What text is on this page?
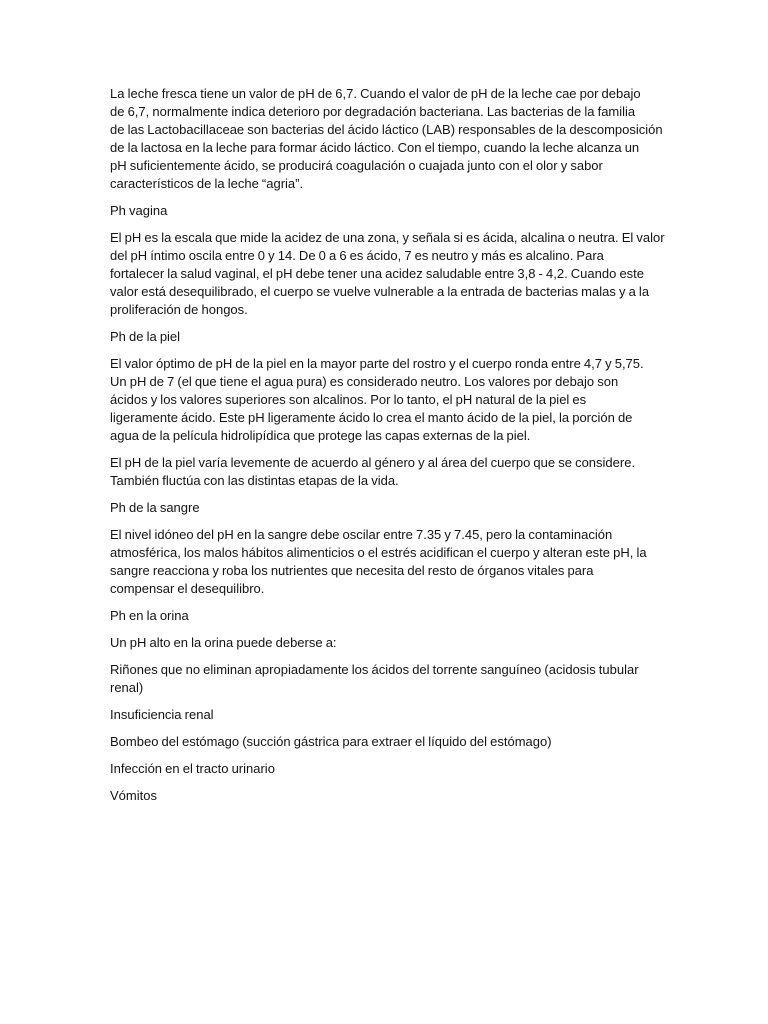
La leche fresca tiene un valor de pH de 6,7. Cuando el valor de pH de la leche cae por debajo
de 6,7, normalmente indica deterioro por degradación bacteriana. Las bacterias de la familia
de las Lactobacillaceae son bacterias del ácido láctico (LAB) responsables de la descomposición
de la lactosa en la leche para formar ácido láctico. Con el tiempo, cuando la leche alcanza un
pH suficientemente ácido, se producirá coagulación o cuajada junto con el olor y sabor
característicos de la leche “agria”.

Ph vagina

El pH es la escala que mide la acidez de una zona, y señala si es ácida, alcalina o neutra. El valor
del pH íntimo oscila entre 0 y 14. De 0 a 6 es ácido, 7 es neutro y más es alcalino. Para
fortalecer la salud vaginal, el pH debe tener una acidez saludable entre 3,8 - 4,2. Cuando este
valor está desequilibrado, el cuerpo se vuelve vulnerable a la entrada de bacterias malas y a la
proliferación de hongos.

Ph de la piel

El valor óptimo de pH de la piel en la mayor parte del rostro y el cuerpo ronda entre 4,7 y 5,75.
Un pH de 7 (el que tiene el agua pura) es considerado neutro. Los valores por debajo son
ácidos y los valores superiores son alcalinos. Por lo tanto, el pH natural de la piel es
ligeramente ácido. Este pH ligeramente ácido lo crea el manto ácido de la piel, la porción de
agua de la película hidrolipídica que protege las capas externas de la piel.

El pH de la piel varía levemente de acuerdo al género y al área del cuerpo que se considere.
También fluctúa con las distintas etapas de la vida.

Ph de la sangre

El nivel idóneo del pH en la sangre debe oscilar entre 7.35 y 7.45, pero la contaminación
atmosférica, los malos hábitos alimenticios o el estrés acidifican el cuerpo y alteran este pH, la
sangre reacciona y roba los nutrientes que necesita del resto de órganos vitales para
compensar el desequilibro.

Ph en la orina

Un pH alto en la orina puede deberse a:

Riñones que no eliminan apropiadamente los ácidos del torrente sanguíneo (acidosis tubular
renal)

Insuficiencia renal

Bombeo del estómago (succión gástrica para extraer el líquido del estómago)

Infección en el tracto urinario

Vómitos
